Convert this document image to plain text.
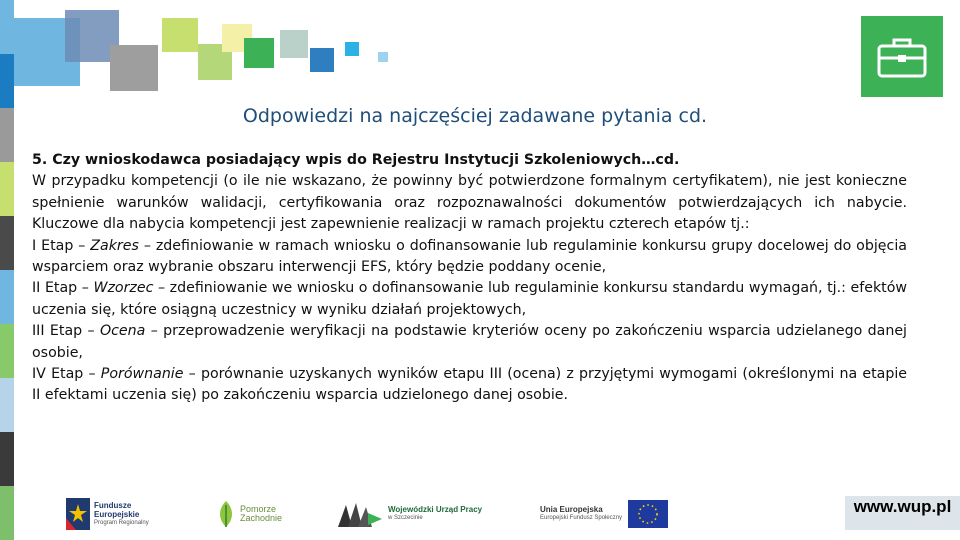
Odpowiedzi na najczęściej zadawane pytania cd.

5. Czy wnioskodawca posiadający wpis do Rejestru Instytucji Szkoleniowych…cd.

W przypadku kompetencji (o ile nie wskazano, że powinny być potwierdzone formalnym certyfikatem), nie jest konieczne spełnienie warunków walidacji, certyfikowania oraz rozpoznawalności dokumentów potwierdzających ich nabycie. Kluczowe dla nabycia kompetencji jest zapewnienie realizacji w ramach projektu czterech etapów tj.:

I Etap – Zakres – zdefiniowanie w ramach wniosku o dofinansowanie lub regulaminie konkursu grupy docelowej do objęcia wsparciem oraz wybranie obszaru interwencji EFS, który będzie poddany ocenie,

II Etap – Wzorzec – zdefiniowanie we wniosku o dofinansowanie lub regulaminie konkursu standardu wymagań, tj.: efektów uczenia się, które osiągną uczestnicy w wyniku działań projektowych,

III Etap – Ocena – przeprowadzenie weryfikacji na podstawie kryteriów oceny po zakończeniu wsparcia udzielanego danej osobie,

IV Etap – Porównanie – porównanie uzyskanych wyników etapu III (ocena) z przyjętymi wymogami (określonymi na etapie II efektami uczenia się) po zakończeniu wsparcia udzielonego danej osobie.

Fundusze
Europejskie
Program Regionalny
Pomorze
Zachodnie
Wojewódzki Urząd Pracy
w Szczecinie
Unia Europejska
Europejski Fundusz Społeczny
www.wup.pl
